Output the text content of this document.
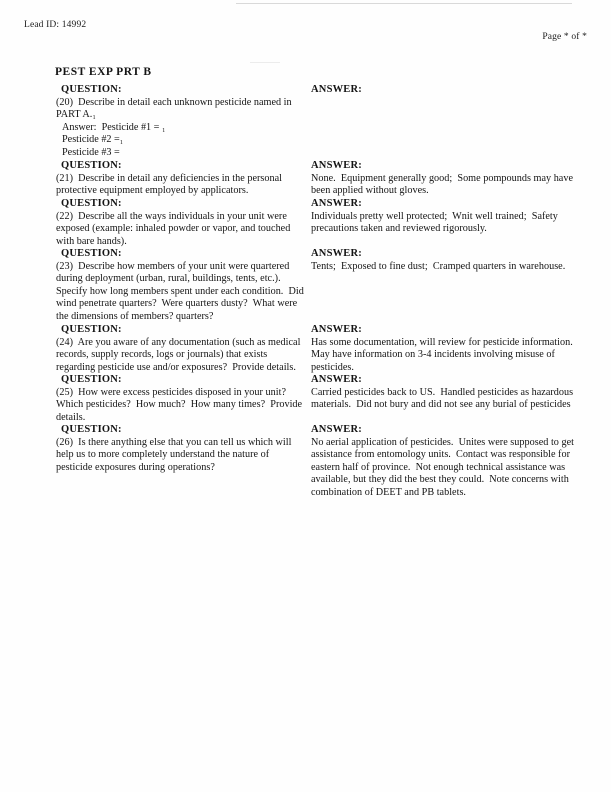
Lead ID: 14992
Page * of *
PEST EXP PRT B
QUESTION:
(20)  Describe in detail each unknown pesticide named in PART A.₁
Answer:  Pesticide #1 = ₁
Pesticide #2 =₁
Pesticide #3 =
ANSWER:
QUESTION:
(21)  Describe in detail any deficiencies in the personal protective equipment employed by applicators.
ANSWER:
None.  Equipment generally good;  Some pompounds may have been applied without gloves.
QUESTION:
(22)  Describe all the ways individuals in your unit were exposed (example: inhaled powder or vapor, and touched with bare hands).
ANSWER:
Individuals pretty well protected;  Wnit well trained;  Safety precautions taken and reviewed rigorously.
QUESTION:
(23)  Describe how members of your unit were quartered during deployment (urban, rural, buildings, tents, etc.).  Specify how long members spent under each condition.  Did wind penetrate quarters?  Were quarters dusty?  What were the dimensions of members? quarters?
ANSWER:
Tents;  Exposed to fine dust;  Cramped quarters in warehouse.
QUESTION:
(24)  Are you aware of any documentation (such as medical records, supply records, logs or journals) that exists regarding pesticide use and/or exposures?  Provide details.
ANSWER:
Has some documentation, will review for pesticide information.  May have information on 3-4 incidents involving misuse of pesticides.
QUESTION:
(25)  How were excess pesticides disposed in your unit?  Which pesticides?  How much?  How many times?  Provide details.
ANSWER:
Carried pesticides back to US.  Handled pesticides as hazardous materials.  Did not bury and did not see any burial of pesticides
QUESTION:
(26)  Is there anything else that you can tell us which will help us to more completely understand the nature of pesticide exposures during operations?
ANSWER:
No aerial application of pesticides.  Unites were supposed to get assistance from entomology units.  Contact was responsible for eastern half of province.  Not enough technical assistance was available, but they did the best they could.  Note concerns with combination of DEET and PB tablets.
